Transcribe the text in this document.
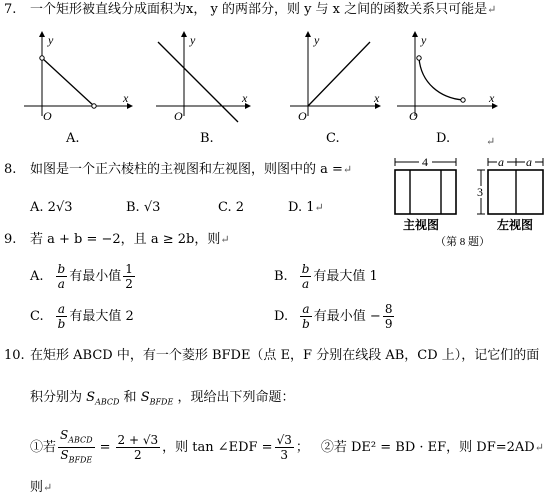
7. 一个矩形被直线分成面积为x， y 的两部分，则 y 与 x 之间的函数关系只可能是↵
y
x
O
y
x
O
y
x
O
y
x
O
A.	B.	C.	D.	↵
8. 如图是一个正六棱柱的主视图和左视图，则图中的 a =↵
A. 2√3	B. √3	C. 2	D. 1↵
4
主视图
a a
3
左视图
（第 8 题）
9. 若 a + b = −2，且 a ≥ 2b，则↵
A. $\frac{b}{a}$ 有最小值 $\frac{1}{2}$	B. $\frac{b}{a}$ 有最大值 1
C. $\frac{a}{b}$ 有最大值 2	D. $\frac{a}{b}$ 有最小值 − $\frac{8}{9}$
10. 在矩形 ABCD 中，有一个菱形 BFDE（点 E，F 分别在线段 AB，CD 上），记它们的面
积分别为 $S_{ABCD}$ 和 $S_{BFDE}$ ，现给出下列命题：
①若 $\frac{S_{ABCD}}{S_{BFDE}} = \frac{2 + √3}{2}$ ，则 tan ∠EDF = $\frac{√3}{3}$ ； ②若 DE² = BD · EF，则 DF=2AD ↵
则↵
